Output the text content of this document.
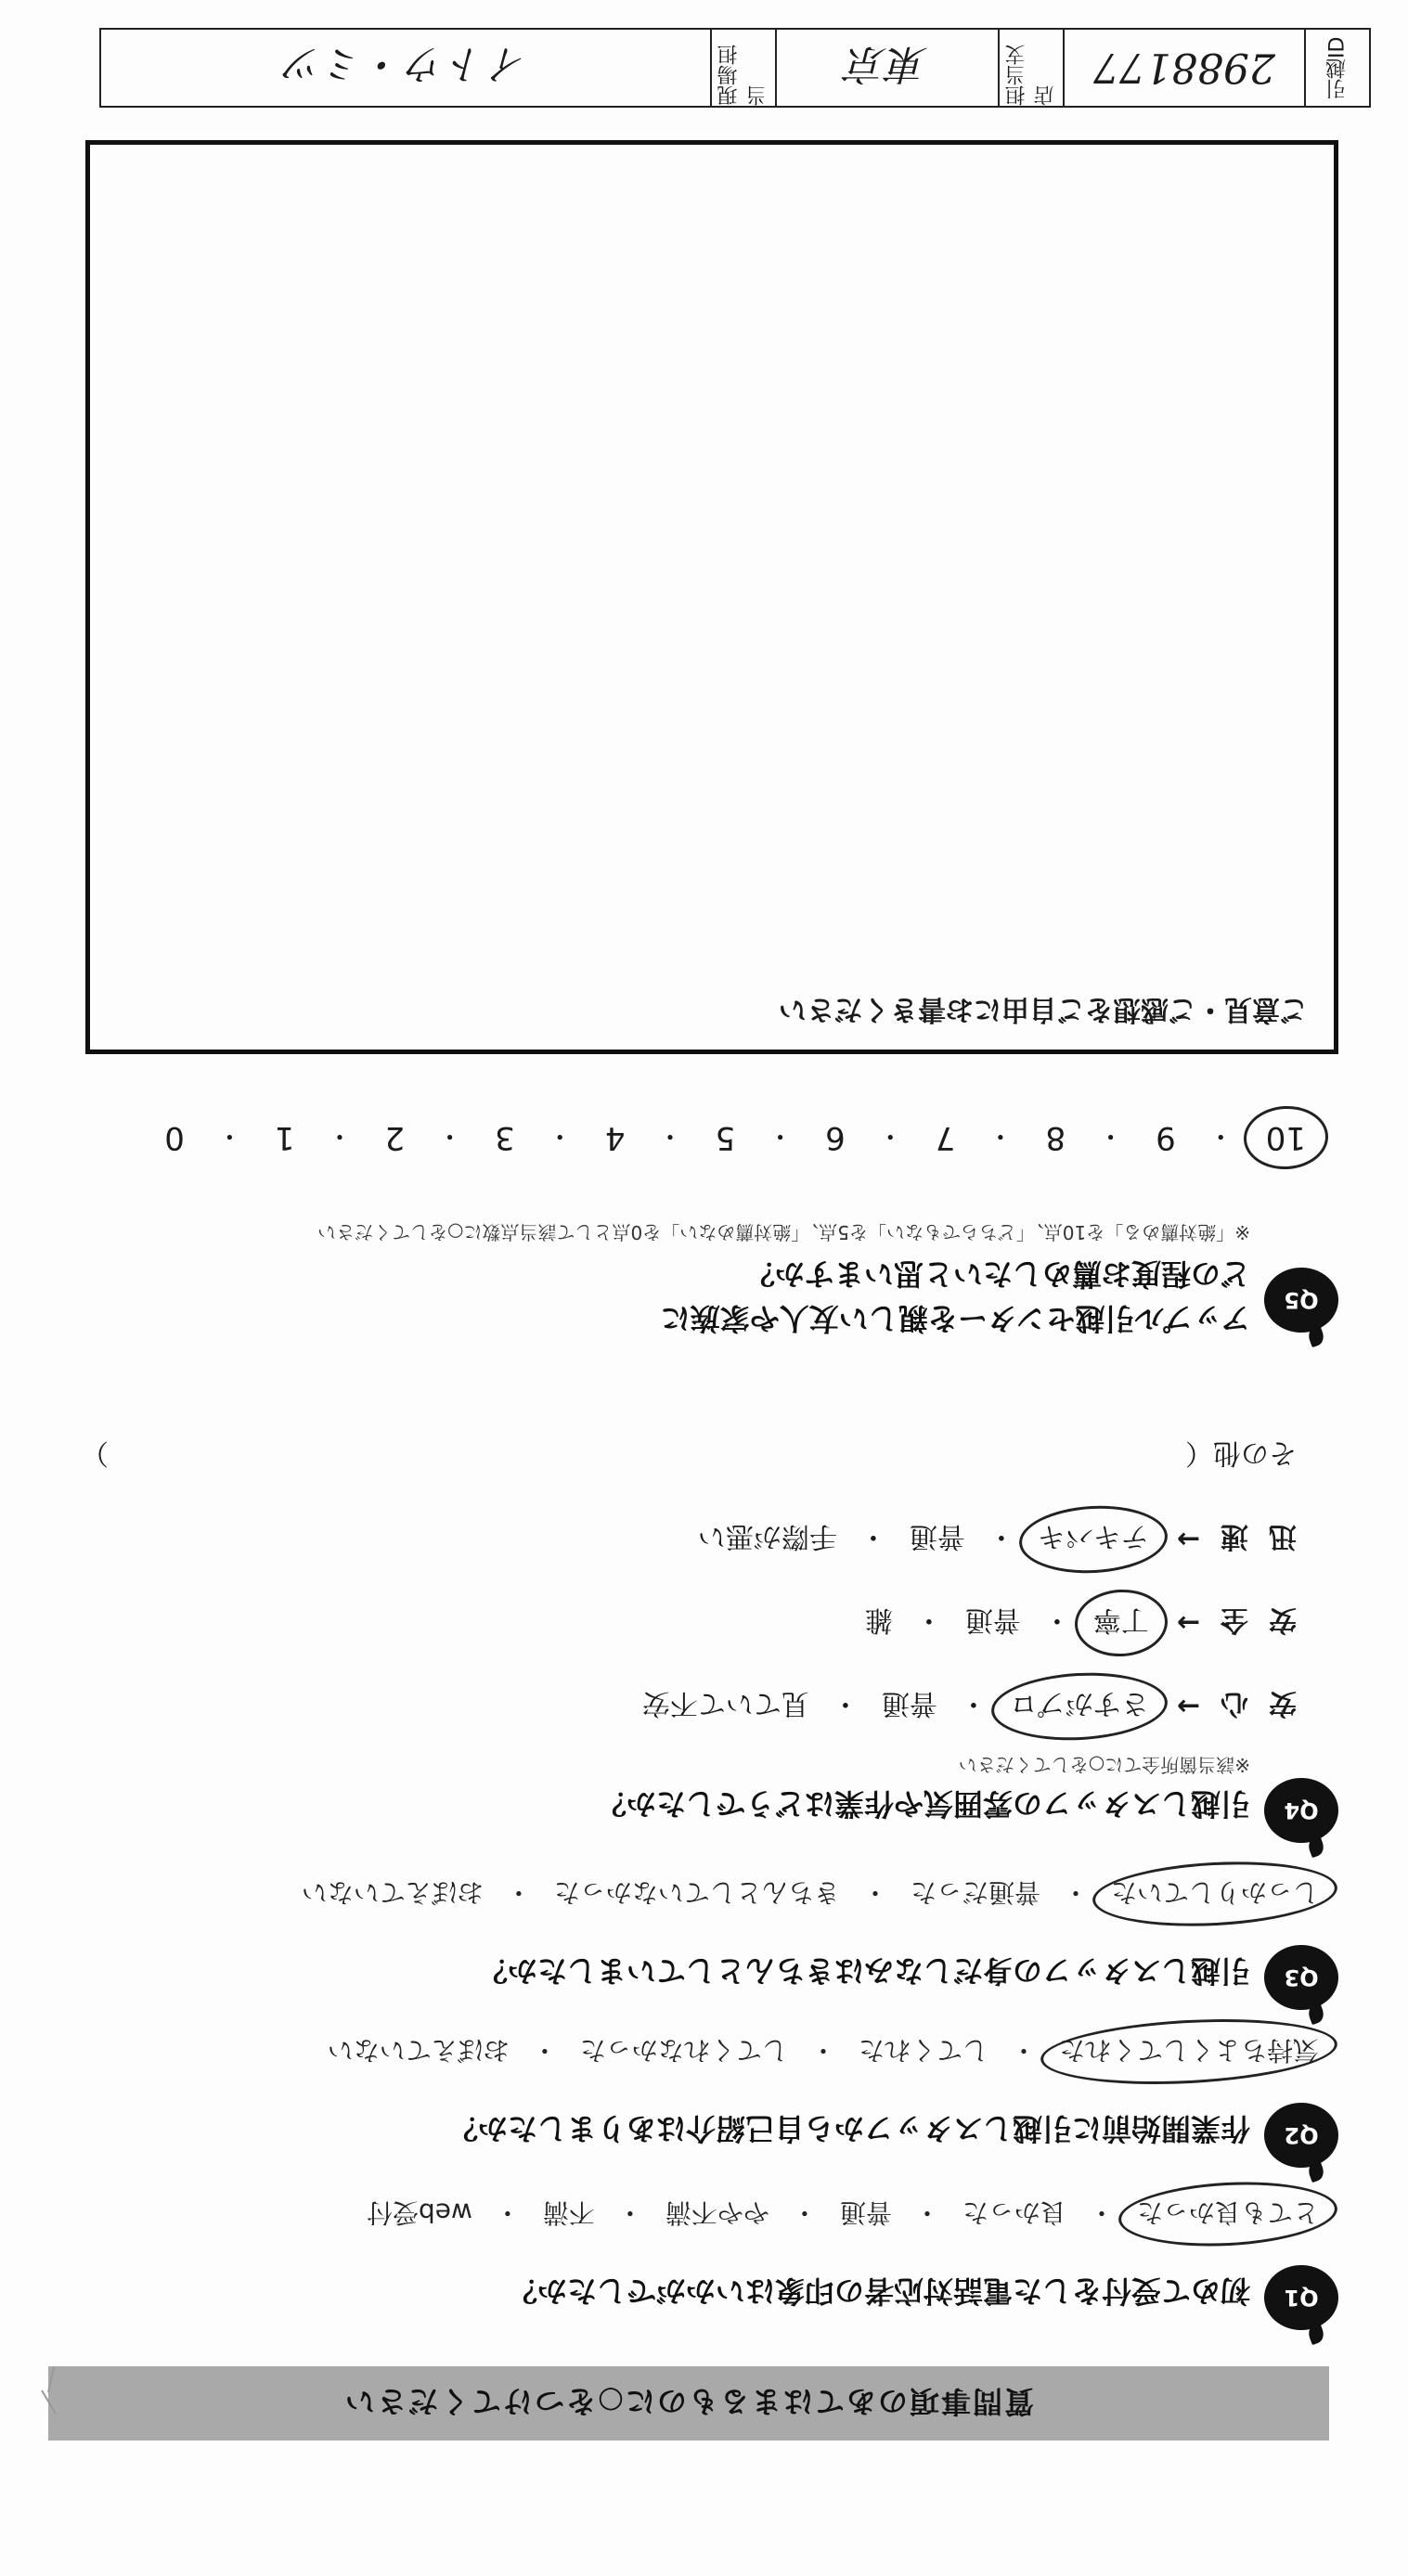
質問事項のあてはまるものに○をつけてください
Q1
初めて受付をした電話対応者の印象はいかがでしたか？
とても良かった
・
良かった
・
普通
・
やや不満
・
不満
・
web受付
Q2
作業開始前に引越しスタッフから自己紹介はありましたか？
気持ちよくしてくれた
・
してくれた
・
してくれなかった
・
おぼえていない
Q3
引越しスタッフの身だしなみはきちんとしていましたか？
しっかりしていた
・
普通だった
・
きちんとしていなかった
・
おぼえていない
Q4
引越しスタッフの雰囲気や作業はどうでしたか？
※該当箇所全てに○をしてください
安心
→
さすがプロ
・
普通
・
見ていて不安
安全
→
丁寧
・
普通
・
雑
迅速
→
テキパキ
・
普通
・
手際が悪い
その他（
）
Q5
アップル引越センターを親しい友人や家族に
どの程度お薦めしたいと思いますか？
※「絶対薦める」を10点、「どちらでもない」を5点、「絶対薦めない」を0点として該当点数に○をしてください
10
・
9
・
8
・
7
・
6
・
5
・
4
・
3
・
2
・
1
・
0
ご意見・ご感想をご自由にお書きください
引越ID
2988177
担当支店
東京
現場担当
イトウ・ミツ
